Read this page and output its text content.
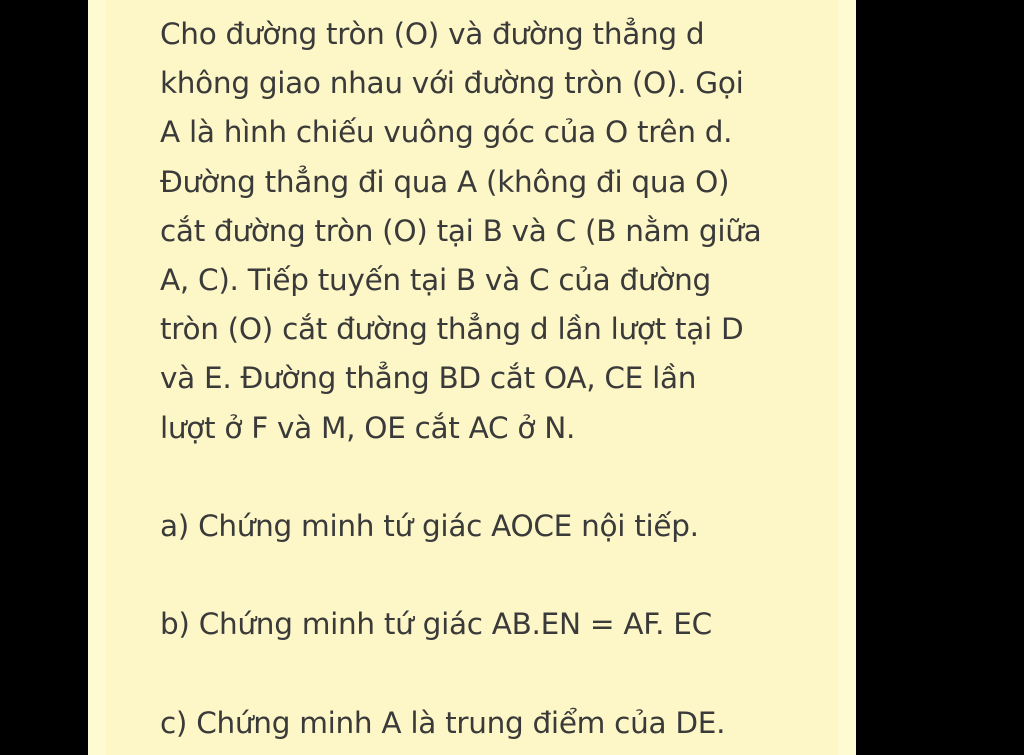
Cho đường tròn (O) và đường thẳng d

không giao nhau với đường tròn (O). Gọi

A là hình chiếu vuông góc của O trên d.

Đường thẳng đi qua A (không đi qua O)

cắt đường tròn (O) tại B và C (B nằm giữa

A, C). Tiếp tuyến tại B và C của đường

tròn (O) cắt đường thẳng d lần lượt tại D

và E. Đường thẳng BD cắt OA, CE lần

lượt ở F và M, OE cắt AC ở N.

a) Chứng minh tứ giác AOCE nội tiếp.

b) Chứng minh tứ giác AB.EN = AF. EC

c) Chứng minh A là trung điểm của DE.
